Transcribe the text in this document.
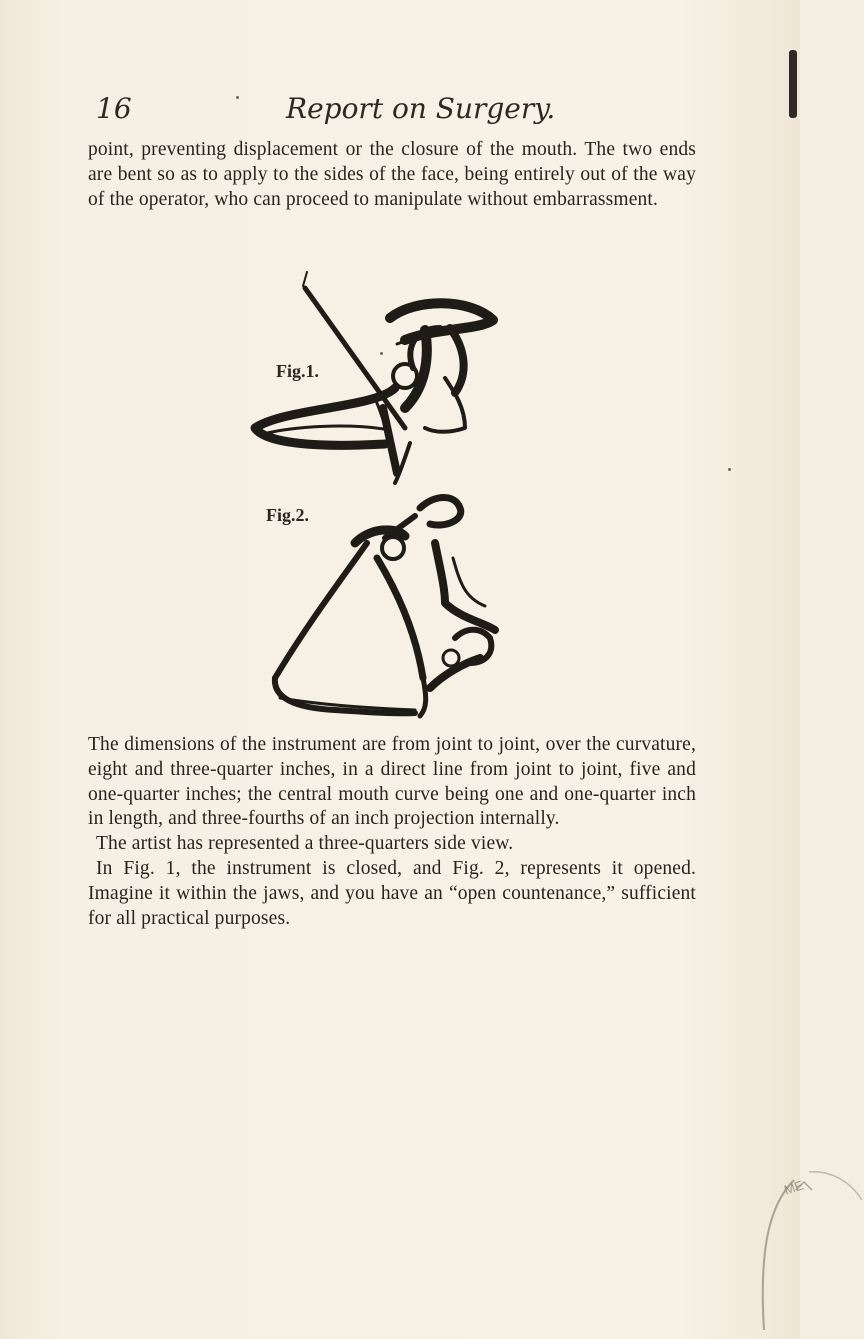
16	Report on Surgery.

point, preventing displacement or the closure of the mouth. The two ends are bent so as to apply to the sides of the face, being entirely out of the way of the operator, who can proceed to manipulate without embarrassment.

Fig.1.
Fig.2.

The dimensions of the instrument are from joint to joint, over the curvature, eight and three-quarter inches, in a direct line from joint to joint, five and one-quarter inches; the central mouth curve being one and one-quarter inch in length, and three-fourths of an inch projection internally.

The artist has represented a three-quarters side view.

In Fig. 1, the instrument is closed, and Fig. 2, represents it opened. Imagine it within the jaws, and you have an “open countenance,” sufficient for all practical purposes.

ME
